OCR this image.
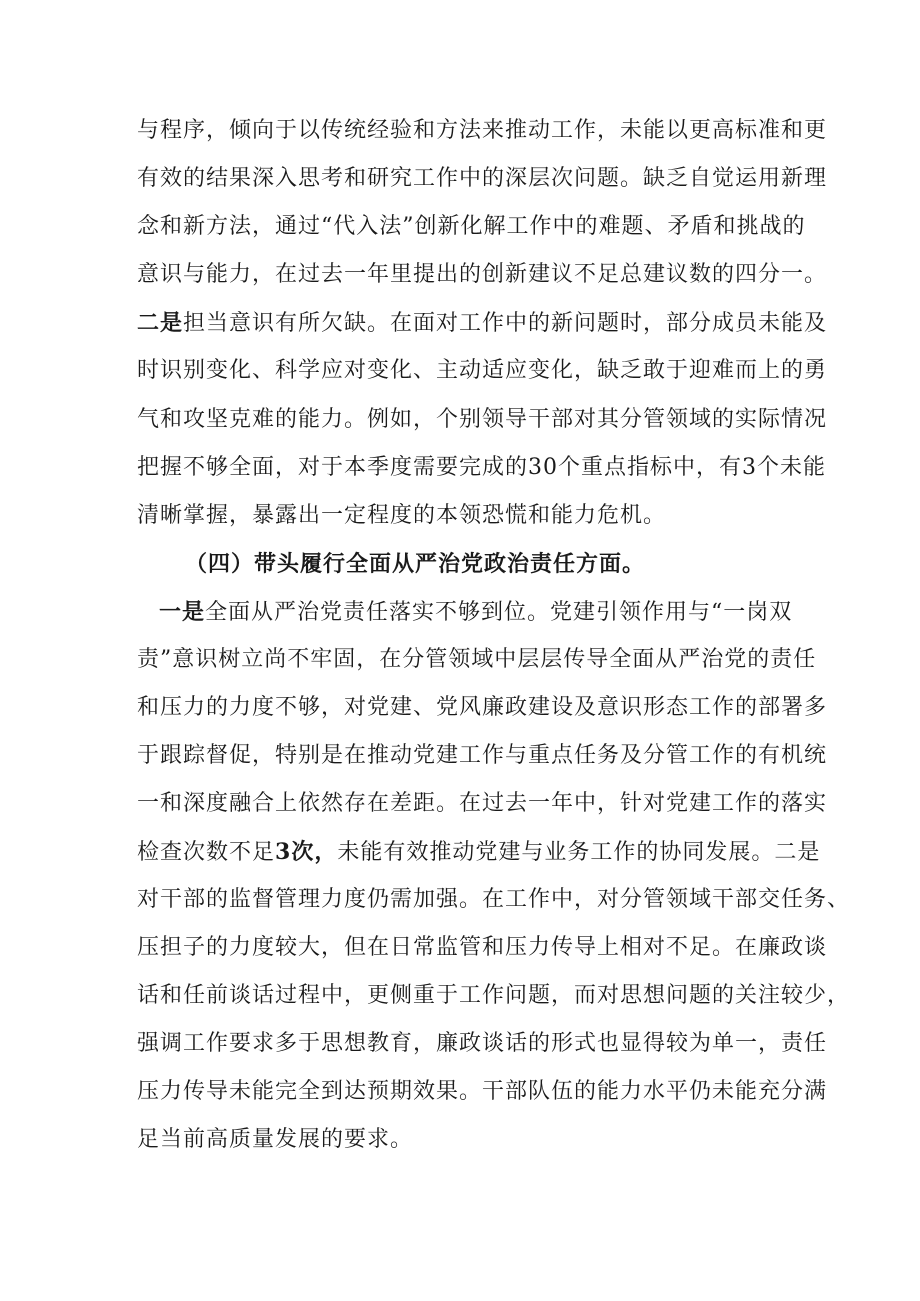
与程序，倾向于以传统经验和方法来推动工作，未能以更高标准和更
有效的结果深入思考和研究工作中的深层次问题。缺乏自觉运用新理
念和新方法，通过“代入法”创新化解工作中的难题、矛盾和挑战的
意识与能力，在过去一年里提出的创新建议不足总建议数的四分一。
二是担当意识有所欠缺。在面对工作中的新问题时，部分成员未能及
时识别变化、科学应对变化、主动适应变化，缺乏敢于迎难而上的勇
气和攻坚克难的能力。例如，个别领导干部对其分管领域的实际情况
把握不够全面，对于本季度需要完成的30个重点指标中，有3个未能
清晰掌握，暴露出一定程度的本领恐慌和能力危机。
（四）带头履行全面从严治党政治责任方面。
一是全面从严治党责任落实不够到位。党建引领作用与“一岗双
责”意识树立尚不牢固，在分管领域中层层传导全面从严治党的责任
和压力的力度不够，对党建、党风廉政建设及意识形态工作的部署多
于跟踪督促，特别是在推动党建工作与重点任务及分管工作的有机统
一和深度融合上依然存在差距。在过去一年中，针对党建工作的落实
检查次数不足3次，未能有效推动党建与业务工作的协同发展。二是
对干部的监督管理力度仍需加强。在工作中，对分管领域干部交任务、
压担子的力度较大，但在日常监管和压力传导上相对不足。在廉政谈
话和任前谈话过程中，更侧重于工作问题，而对思想问题的关注较少，
强调工作要求多于思想教育，廉政谈话的形式也显得较为单一，责任
压力传导未能完全到达预期效果。干部队伍的能力水平仍未能充分满
足当前高质量发展的要求。
